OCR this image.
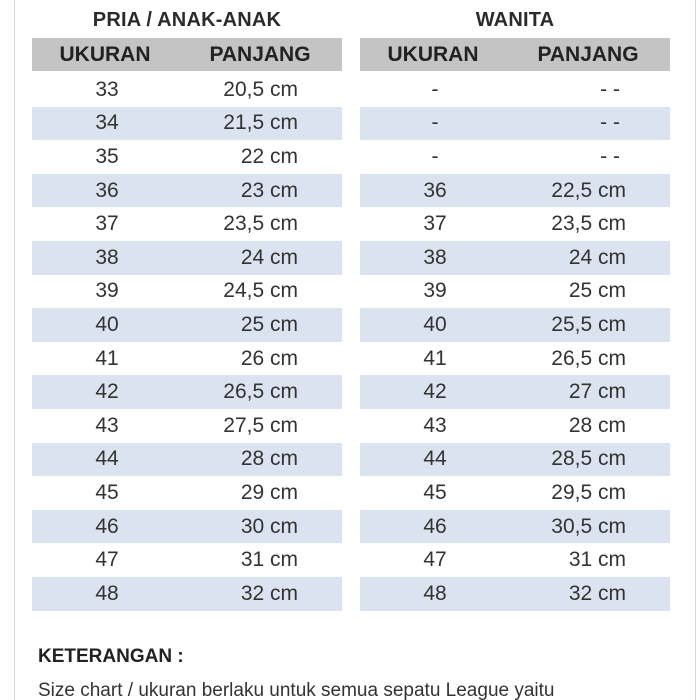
PRIA / ANAK-ANAK
UKURAN	PANJANG
33	20,5 cm
34	21,5 cm
35	22 cm
36	23 cm
37	23,5 cm
38	24 cm
39	24,5 cm
40	25 cm
41	26 cm
42	26,5 cm
43	27,5 cm
44	28 cm
45	29 cm
46	30 cm
47	31 cm
48	32 cm
WANITA
UKURAN	PANJANG
-	- -
-	- -
-	- -
36	22,5 cm
37	23,5 cm
38	24 cm
39	25 cm
40	25,5 cm
41	26,5 cm
42	27 cm
43	28 cm
44	28,5 cm
45	29,5 cm
46	30,5 cm
47	31 cm
48	32 cm
KETERANGAN :
Size chart / ukuran berlaku untuk semua sepatu League yaitu
